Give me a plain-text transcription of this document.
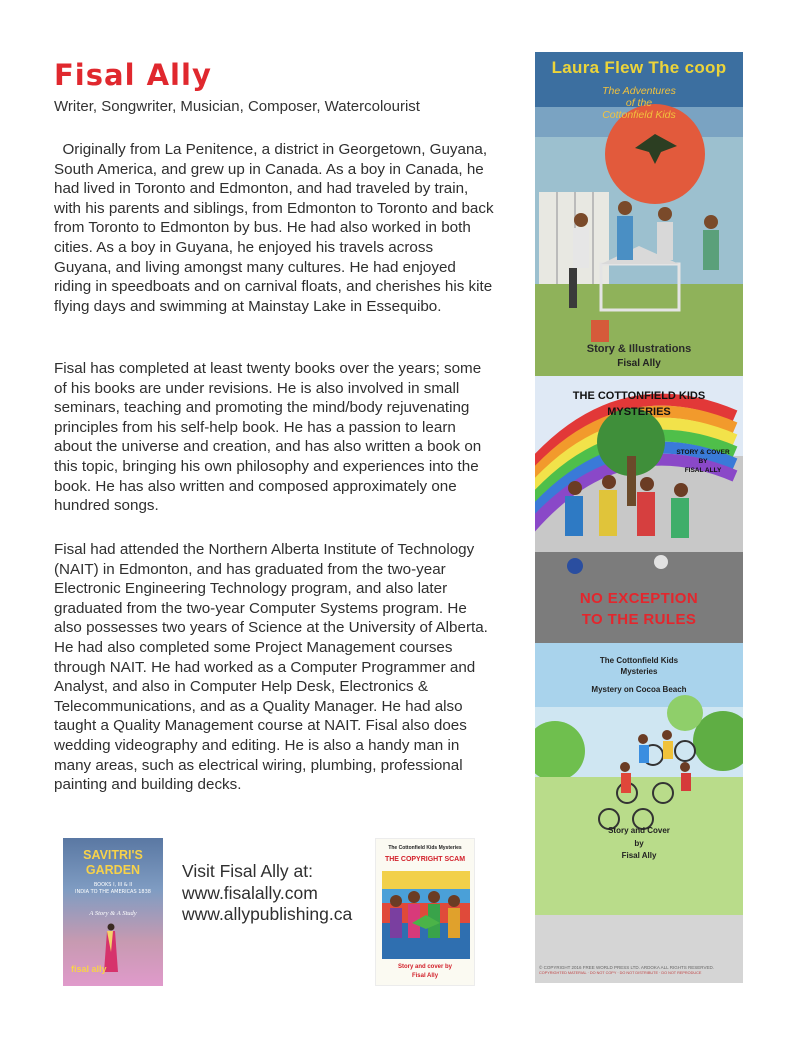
Fisal Ally
Writer, Songwriter, Musician, Composer, Watercolourist
Originally from La Penitence, a district in Georgetown, Guyana, South America, and grew up in Canada. As a boy in Canada, he had lived in Toronto and Edmonton, and had traveled by train, with his parents and siblings, from Edmonton to Toronto and back from Toronto to Edmonton by bus. He had also worked in both cities. As a boy in Guyana, he enjoyed his travels across Guyana, and living amongst many cultures. He had enjoyed riding in speedboats and on carnival floats, and cherishes his kite flying days and swimming at Mainstay Lake in Essequibo.
Fisal has completed at least twenty books over the years; some of his books are under revisions. He is also involved in small seminars, teaching and promoting the mind/body rejuvenating principles from his self-help book. He has a passion to learn about the universe and creation, and has also written a book on this topic, bringing his own philosophy and experiences into the book. He has also written and composed approximately one hundred songs.
Fisal had attended the Northern Alberta Institute of Technology (NAIT) in Edmonton, and has graduated from the two-year Electronic Engineering Technology program, and also later graduated from the two-year Computer Systems program. He also possesses two years of Science at the University of Alberta. He had also completed some Project Management courses through NAIT. He had worked as a Computer Programmer and Analyst, and also in Computer Help Desk, Electronics & Telecommunications, and as a Quality Manager. He had also taught a Quality Management course at NAIT. Fisal also does wedding videography and editing. He is also a handy man in many areas, such as electrical wiring, plumbing, professional painting and building decks.
SAVITRI'S
GARDEN
BOOKS I, III & II
INDIA TO THE AMERICAS 1838
A Story & A Study
fisal ally
Visit Fisal Ally at:
www.fisalally.com
www.allypublishing.ca
The Cottonfield Kids Mysteries
THE COPYRIGHT SCAM
Story and cover by
Fisal Ally
Laura Flew The coop
The Adventures
of the
Cottonfield Kids
Story & Illustrations
Fisal Ally
THE COTTONFIELD KIDS
MYSTERIES
STORY & COVER
BY
FISAL ALLY
NO EXCEPTION
TO THE RULES
The Cottonfield Kids
Mysteries
Mystery on Cocoa Beach
Story and Cover
by
Fisal Ally
© COPYRIGHT 2016 FREE WORLD PRESS LTD. ARDOKA ALL RIGHTS RESERVED.
COPYRIGHTED MATERIAL · DO NOT COPY · DO NOT DISTRIBUTE · DO NOT REPRODUCE
